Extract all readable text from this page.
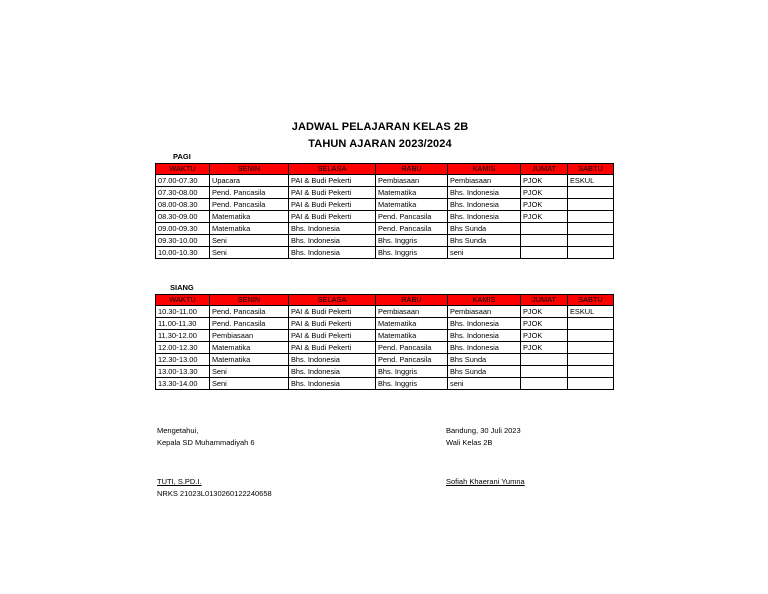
JADWAL PELAJARAN KELAS 2B
TAHUN AJARAN 2023/2024
PAGI
WAKTU	SENIN	SELASA	RABU	KAMIS	JUMAT	SABTU
07.00-07.30	Upacara	PAI & Budi Pekerti	Pembiasaan	Pembiasaan	PJOK	ESKUL
07.30-08.00	Pend. Pancasila	PAI & Budi Pekerti	Matematika	Bhs. Indonesia	PJOK	
08.00-08.30	Pend. Pancasila	PAI & Budi Pekerti	Matematika	Bhs. Indonesia	PJOK	
08.30-09.00	Matematika	PAI & Budi Pekerti	Pend. Pancasila	Bhs. Indonesia	PJOK	
09.00-09.30	Matematika	Bhs. Indonesia	Pend. Pancasila	Bhs Sunda		
09.30-10.00	Seni	Bhs. Indonesia	Bhs. Inggris	Bhs Sunda		
10.00-10.30	Seni	Bhs. Indonesia	Bhs. Inggris	seni		
SIANG
WAKTU	SENIN	SELASA	RABU	KAMIS	JUMAT	SABTU
10.30-11.00	Pend. Pancasila	PAI & Budi Pekerti	Pembiasaan	Pembiasaan	PJOK	ESKUL
11.00-11.30	Pend. Pancasila	PAI & Budi Pekerti	Matematika	Bhs. Indonesia	PJOK	
11.30-12.00	Pembiasaan	PAI & Budi Pekerti	Matematika	Bhs. Indonesia	PJOK	
12.00-12.30	Matematika	PAI & Budi Pekerti	Pend. Pancasila	Bhs. Indonesia	PJOK	
12.30-13.00	Matematika	Bhs. Indonesia	Pend. Pancasila	Bhs Sunda		
13.00-13.30	Seni	Bhs. Indonesia	Bhs. Inggris	Bhs Sunda		
13.30-14.00	Seni	Bhs. Indonesia	Bhs. Inggris	seni		
Mengetahui,
Kepala SD Muhammadiyah 6
TUTI, S.PD.I.
NRKS 21023L0130260122240658
Bandung, 30 Juli 2023
Wali Kelas 2B
Sofiah Khaerani Yumna
